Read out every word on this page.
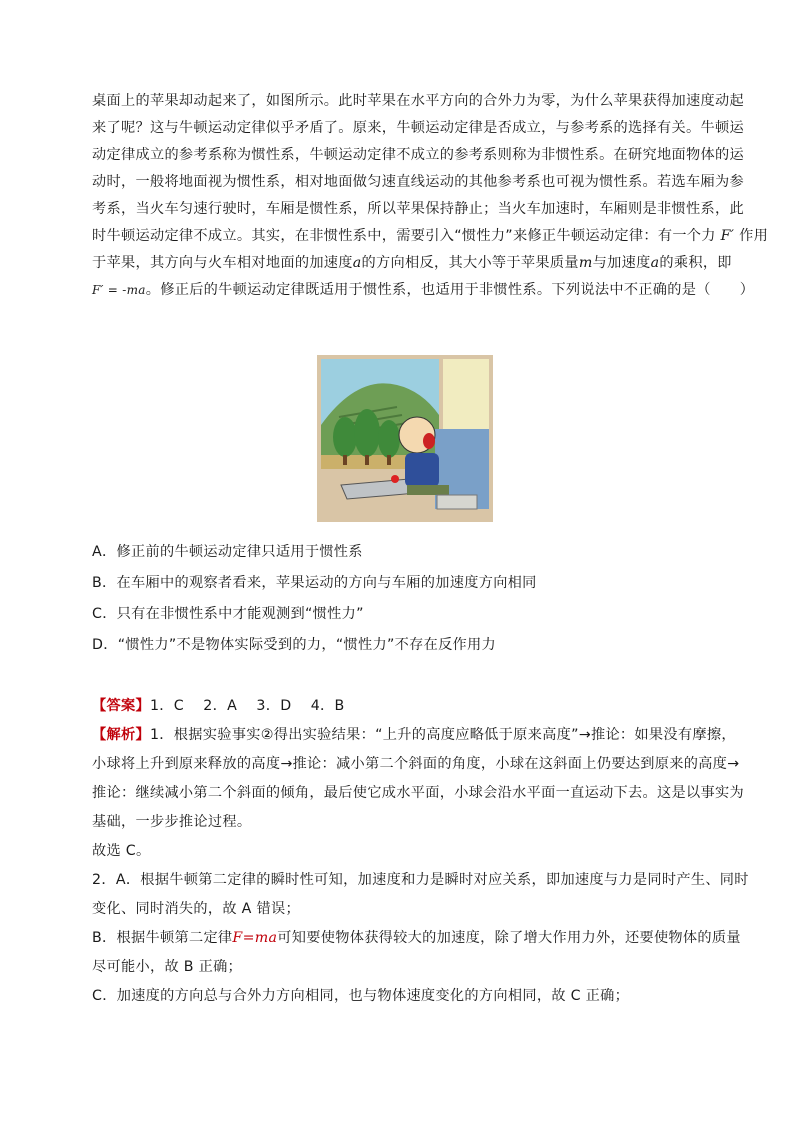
桌面上的苹果却动起来了，如图所示。此时苹果在水平方向的合外力为零，为什么苹果获得加速度动起
来了呢？这与牛顿运动定律似乎矛盾了。原来，牛顿运动定律是否成立，与参考系的选择有关。牛顿运
动定律成立的参考系称为惯性系，牛顿运动定律不成立的参考系则称为非惯性系。在研究地面物体的运
动时，一般将地面视为惯性系，相对地面做匀速直线运动的其他参考系也可视为惯性系。若选车厢为参
考系，当火车匀速行驶时，车厢是惯性系，所以苹果保持静止；当火车加速时，车厢则是非惯性系，此
时牛顿运动定律不成立。其实，在非惯性系中，需要引入“惯性力”来修正牛顿运动定律：有一个力 F′ 作用
于苹果，其方向与火车相对地面的加速度a的方向相反，其大小等于苹果质量m与加速度a的乘积，即
F′ = -ma。修正后的牛顿运动定律既适用于惯性系，也适用于非惯性系。下列说法中不正确的是（　　）
A．修正前的牛顿运动定律只适用于惯性系
B．在车厢中的观察者看来，苹果运动的方向与车厢的加速度方向相同
C．只有在非惯性系中才能观测到“惯性力”
D．“惯性力”不是物体实际受到的力，“惯性力”不存在反作用力
【答案】1．C　 2．A　 3．D　 4．B
【解析】1．根据实验事实②得出实验结果：“上升的高度应略低于原来高度”→推论：如果没有摩擦，
小球将上升到原来释放的高度→推论：减小第二个斜面的角度，小球在这斜面上仍要达到原来的高度→
推论：继续减小第二个斜面的倾角，最后使它成水平面，小球会沿水平面一直运动下去。这是以事实为
基础，一步步推论过程。
故选 C。
2．A．根据牛顿第二定律的瞬时性可知，加速度和力是瞬时对应关系，即加速度与力是同时产生、同时
变化、同时消失的，故 A 错误；
B．根据牛顿第二定律F=ma可知要使物体获得较大的加速度，除了增大作用力外，还要使物体的质量
尽可能小，故 B 正确；
C．加速度的方向总与合外力方向相同，也与物体速度变化的方向相同，故 C 正确；
